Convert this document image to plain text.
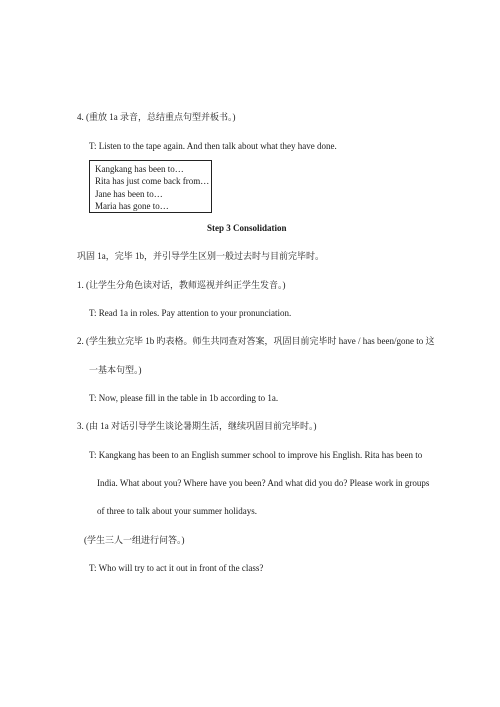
4. (重放 1a 录音，总结重点句型并板书。)
T: Listen to the tape again. And then talk about what they have done.
Kangkang has been to…
Rita has just come back from…
Jane has been to…
Maria has gone to…
Step 3 Consolidation
巩固 1a，完毕 1b，并引导学生区别一般过去时与目前完毕时。
1. (让学生分角色读对话，教师巡视并纠正学生发音。)
T: Read 1a in roles. Pay attention to your pronunciation.
2. (学生独立完毕 1b 旳表格。师生共同查对答案，巩固目前完毕时 have / has been/gone to 这
一基本句型。)
T: Now, please fill in the table in 1b according to 1a.
3. (由 1a 对话引导学生谈论暑期生活，继续巩固目前完毕时。)
T: Kangkang has been to an English summer school to improve his English. Rita has been to
India. What about you? Where have you been? And what did you do? Please work in groups
of three to talk about your summer holidays.
(学生三人一组进行问答。)
T: Who will try to act it out in front of the class?
